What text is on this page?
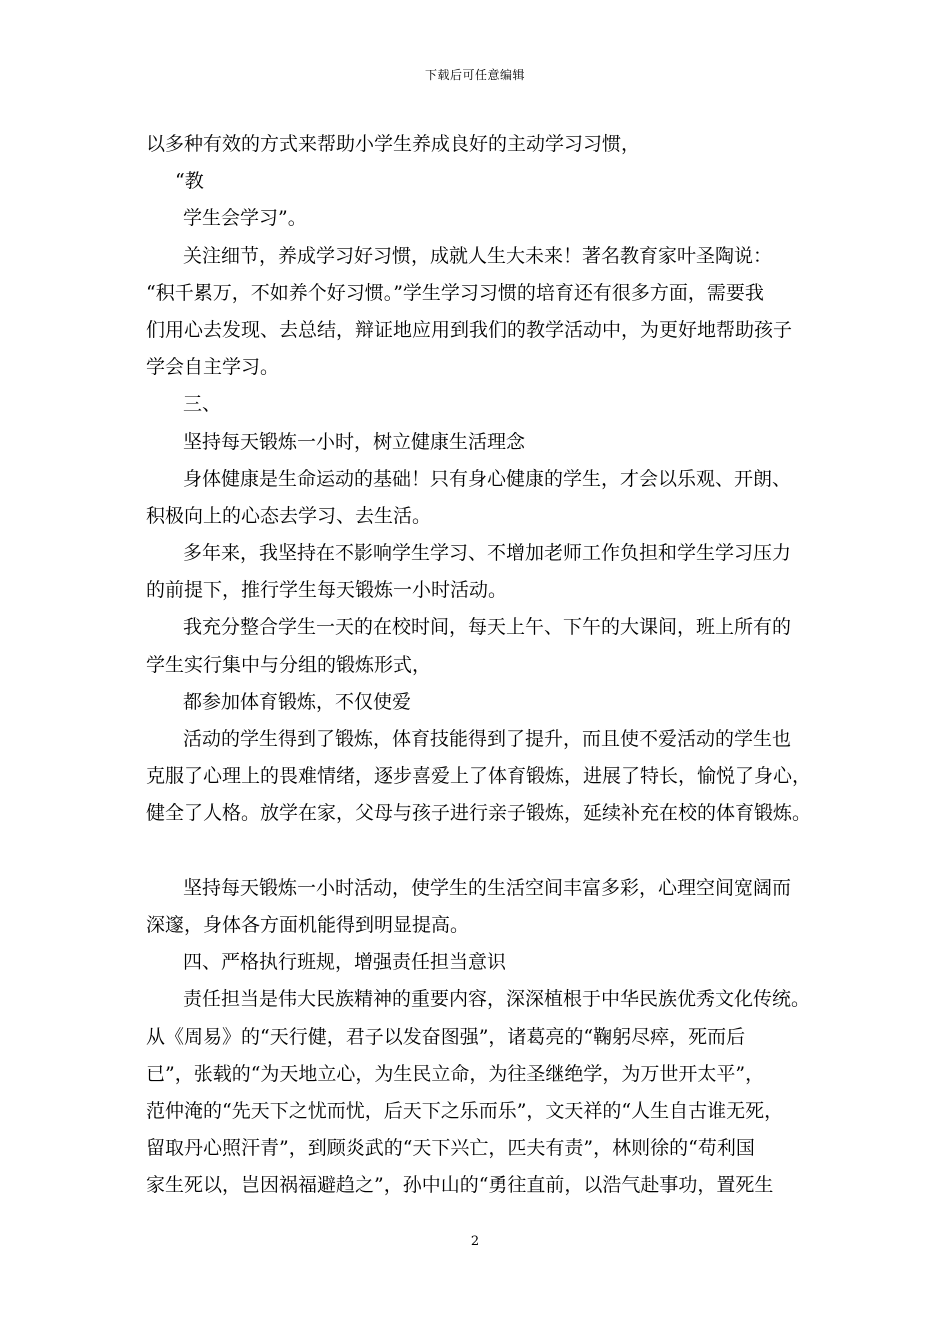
下载后可任意编辑
以多种有效的方式来帮助小学生养成良好的主动学习习惯，
“教
学生会学习”。
关注细节，养成学习好习惯，成就人生大未来！著名教育家叶圣陶说：
“积千累万，不如养个好习惯。”学生学习习惯的培育还有很多方面，需要我
们用心去发现、去总结，辩证地应用到我们的教学活动中，为更好地帮助孩子
学会自主学习。
三、
坚持每天锻炼一小时，树立健康生活理念
身体健康是生命运动的基础！只有身心健康的学生，才会以乐观、开朗、
积极向上的心态去学习、去生活。
多年来，我坚持在不影响学生学习、不增加老师工作负担和学生学习压力
的前提下，推行学生每天锻炼一小时活动。
我充分整合学生一天的在校时间，每天上午、下午的大课间，班上所有的
学生实行集中与分组的锻炼形式，
都参加体育锻炼，不仅使爱
活动的学生得到了锻炼，体育技能得到了提升，而且使不爱活动的学生也
克服了心理上的畏难情绪，逐步喜爱上了体育锻炼，进展了特长，愉悦了身心，
健全了人格。放学在家，父母与孩子进行亲子锻炼，延续补充在校的体育锻炼。
坚持每天锻炼一小时活动，使学生的生活空间丰富多彩，心理空间宽阔而
深邃，身体各方面机能得到明显提高。
四、严格执行班规，增强责任担当意识
责任担当是伟大民族精神的重要内容，深深植根于中华民族优秀文化传统。
从《周易》的“天行健，君子以发奋图强”，诸葛亮的“鞠躬尽瘁，死而后
已”，张载的“为天地立心，为生民立命，为往圣继绝学，为万世开太平”，
范仲淹的“先天下之忧而忧，后天下之乐而乐”，文天祥的“人生自古谁无死，
留取丹心照汗青”，到顾炎武的“天下兴亡，匹夫有责”，林则徐的“苟利国
家生死以，岂因祸福避趋之”，孙中山的“勇往直前，以浩气赴事功，置死生
2
